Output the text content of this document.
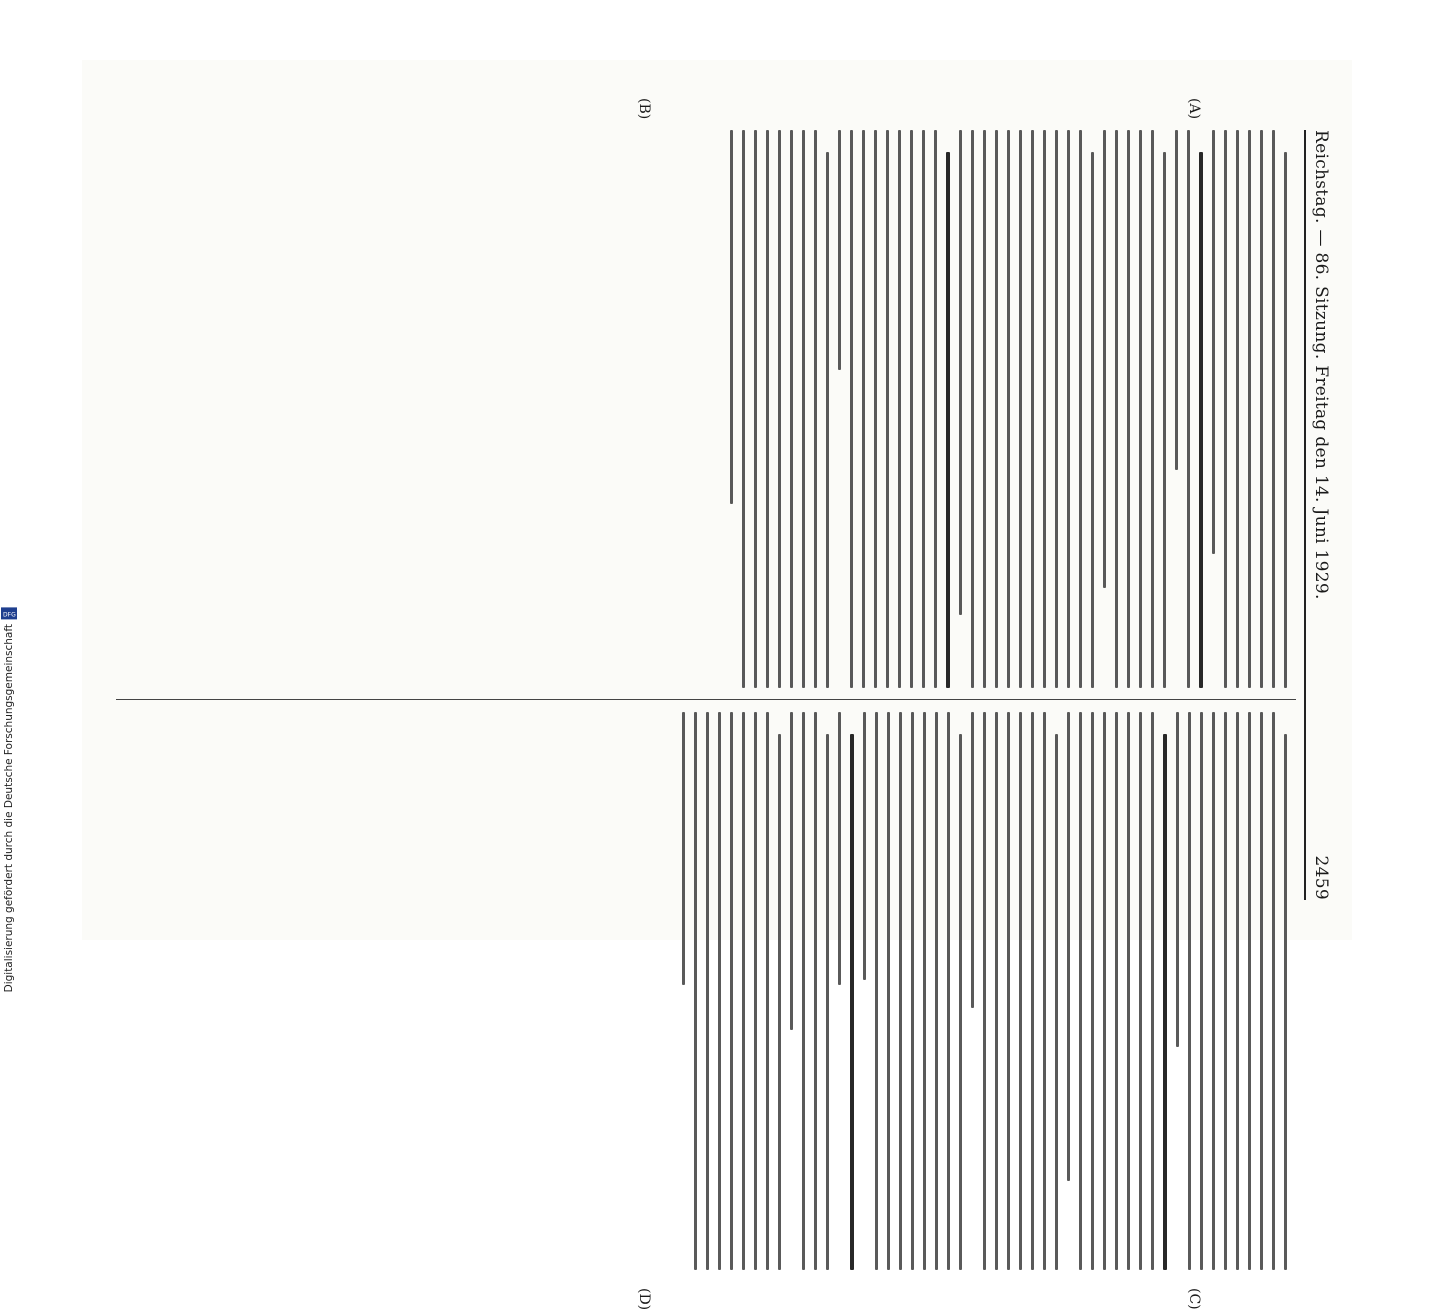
Digitalisierung gefördert durch die Deutsche Forschungsgemeinschaft
DFG
Reichstag. — 86. Sitzung. Freitag den 14. Juni 1929.
2459
(A)
(B)
(C)
(D)
